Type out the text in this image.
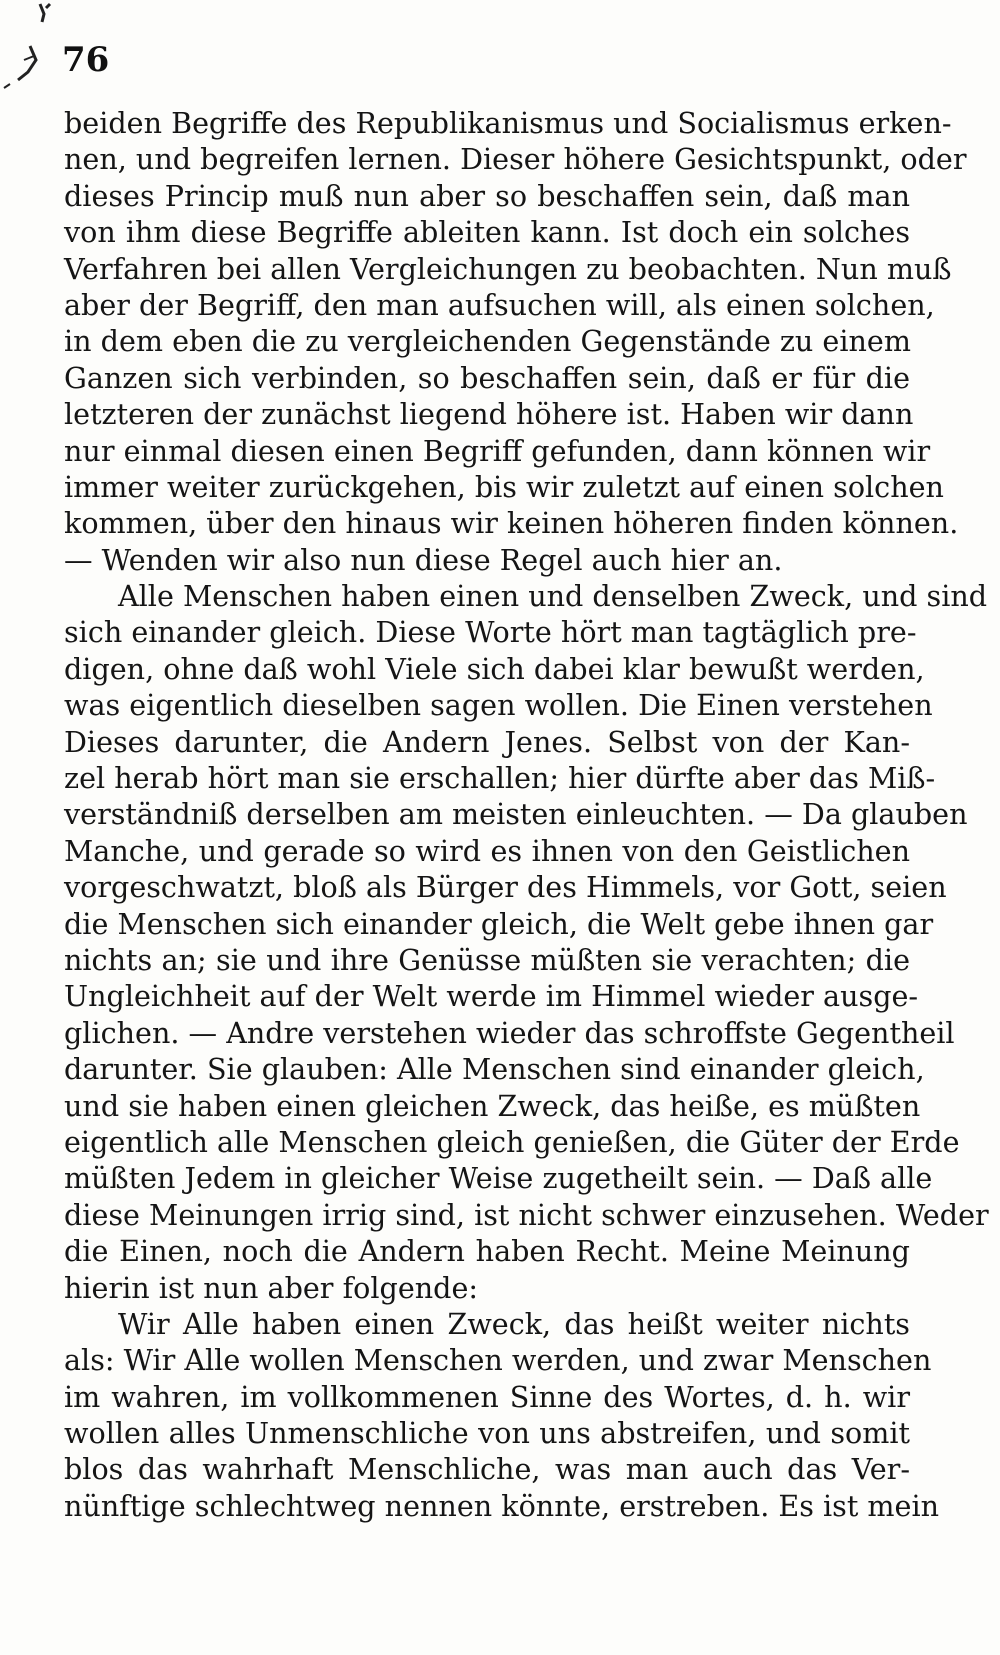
76
beiden Begriffe des Republikanismus und Socialismus erken-
nen, und begreifen lernen. Dieser höhere Gesichtspunkt, oder
dieses Princip muß nun aber so beschaffen sein, daß man
von ihm diese Begriffe ableiten kann. Ist doch ein solches
Verfahren bei allen Vergleichungen zu beobachten. Nun muß
aber der Begriff, den man aufsuchen will, als einen solchen,
in dem eben die zu vergleichenden Gegenstände zu einem
Ganzen sich verbinden, so beschaffen sein, daß er für die
letzteren der zunächst liegend höhere ist. Haben wir dann
nur einmal diesen einen Begriff gefunden, dann können wir
immer weiter zurückgehen, bis wir zuletzt auf einen solchen
kommen, über den hinaus wir keinen höheren finden können.
— Wenden wir also nun diese Regel auch hier an.
Alle Menschen haben einen und denselben Zweck, und sind
sich einander gleich. Diese Worte hört man tagtäglich pre-
digen, ohne daß wohl Viele sich dabei klar bewußt werden,
was eigentlich dieselben sagen wollen. Die Einen verstehen
Dieses darunter, die Andern Jenes. Selbst von der Kan-
zel herab hört man sie erschallen; hier dürfte aber das Miß-
verständniß derselben am meisten einleuchten. — Da glauben
Manche, und gerade so wird es ihnen von den Geistlichen
vorgeschwatzt, bloß als Bürger des Himmels, vor Gott, seien
die Menschen sich einander gleich, die Welt gebe ihnen gar
nichts an; sie und ihre Genüsse müßten sie verachten; die
Ungleichheit auf der Welt werde im Himmel wieder ausge-
glichen. — Andre verstehen wieder das schroffste Gegentheil
darunter. Sie glauben: Alle Menschen sind einander gleich,
und sie haben einen gleichen Zweck, das heiße, es müßten
eigentlich alle Menschen gleich genießen, die Güter der Erde
müßten Jedem in gleicher Weise zugetheilt sein. — Daß alle
diese Meinungen irrig sind, ist nicht schwer einzusehen. Weder
die Einen, noch die Andern haben Recht. Meine Meinung
hierin ist nun aber folgende:
Wir Alle haben einen Zweck, das heißt weiter nichts
als: Wir Alle wollen Menschen werden, und zwar Menschen
im wahren, im vollkommenen Sinne des Wortes, d. h. wir
wollen alles Unmenschliche von uns abstreifen, und somit
blos das wahrhaft Menschliche, was man auch das Ver-
nünftige schlechtweg nennen könnte, erstreben. Es ist mein
